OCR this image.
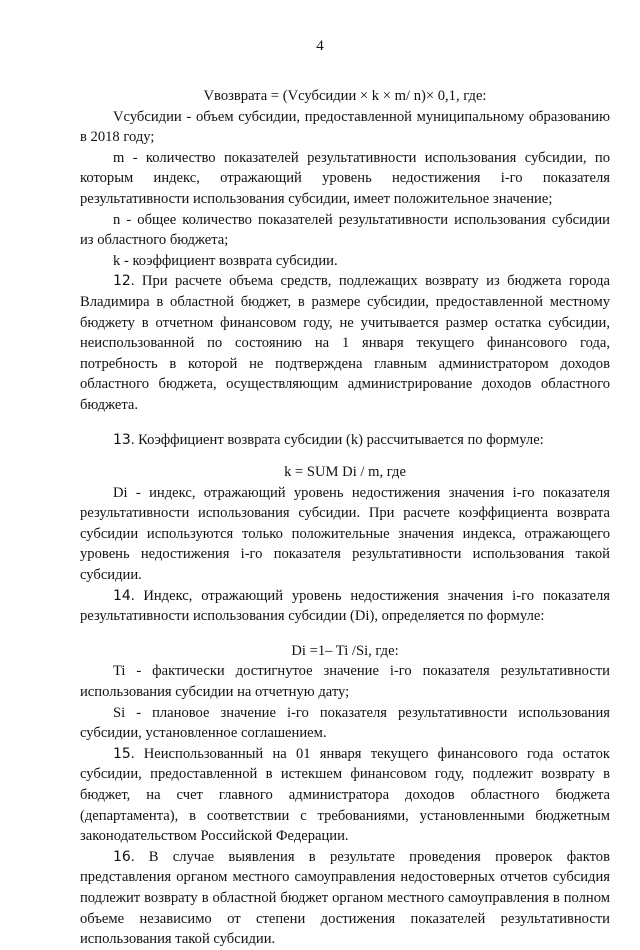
4

Vвозврата = (Vсубсидии × k × m/ n)× 0,1, где:

Vсубсидии - объем субсидии, предоставленной муниципальному образованию в 2018 году;

m - количество показателей результативности использования субсидии, по которым индекс, отражающий уровень недостижения i-го показателя результативности использования субсидии, имеет положительное значение;

n - общее количество показателей результативности использования субсидии из областного бюджета;

k - коэффициент возврата субсидии.

12. При расчете объема средств, подлежащих возврату из бюджета города Владимира в областной бюджет, в размере субсидии, предоставленной местному бюджету в отчетном финансовом году, не учитывается размер остатка субсидии, неиспользованной по состоянию на 1 января текущего финансового года, потребность в которой не подтверждена главным администратором доходов областного бюджета, осуществляющим администрирование доходов областного бюджета.

13. Коэффициент возврата субсидии (k) рассчитывается по формуле:

k = SUM Di / m, где

Di - индекс, отражающий уровень недостижения значения i-го показателя результативности использования субсидии. При расчете коэффициента возврата субсидии используются только положительные значения индекса, отражающего уровень недостижения i-го показателя результативности использования такой субсидии.

14. Индекс, отражающий уровень недостижения значения i-го показателя результативности использования субсидии (Di), определяется по формуле:

Di =1– Ti /Si, где:

Ti - фактически достигнутое значение i-го показателя результативности использования субсидии на отчетную дату;

Si - плановое значение i-го показателя результативности использования субсидии, установленное соглашением.

15. Неиспользованный на 01 января текущего финансового года остаток субсидии, предоставленной в истекшем финансовом году, подлежит возврату в бюджет, на счет главного администратора доходов областного бюджета (департамента), в соответствии с требованиями, установленными бюджетным законодательством Российской Федерации.

16. В случае выявления в результате проведения проверок фактов представления органом местного самоуправления недостоверных отчетов субсидия подлежит возврату в областной бюджет органом местного самоуправления в полном объеме независимо от степени достижения показателей результативности использования такой субсидии.
